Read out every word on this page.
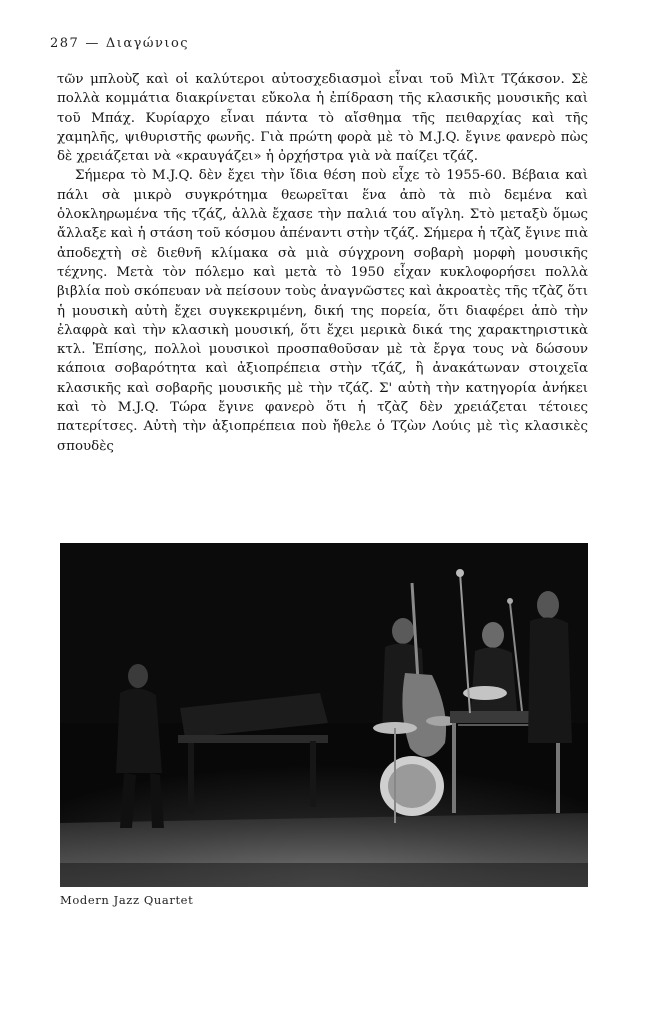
287 — Διαγώνιος

τῶν μπλοὺζ καὶ οἱ καλύτεροι αὐτοσχεδιασμοὶ εἶναι τοῦ Μὶλτ Τζάκσον. Σὲ πολλὰ κομμάτια διακρίνεται εὔκολα ἡ ἐπίδραση τῆς κλασικῆς μουσικῆς καὶ τοῦ Μπάχ. Κυρίαρχο εἶναι πάντα τὸ αἴσθημα τῆς πειθαρχίας καὶ τῆς χαμηλῆς, ψιθυριστῆς φωνῆς. Γιὰ πρώτη φορὰ μὲ τὸ M.J.Q. ἔγινε φανερὸ πὼς δὲ χρειάζεται νὰ «κραυγάζει» ἡ ὀρχήστρα γιὰ νὰ παίζει τζάζ.

Σήμερα τὸ M.J.Q. δὲν ἔχει τὴν ἴδια θέση ποὺ εἶχε τὸ 1955-60. Βέβαια καὶ πάλι σὰ μικρὸ συγκρότημα θεωρεῖται ἕνα ἀπὸ τὰ πιὸ δεμένα καὶ ὁλοκληρωμένα τῆς τζάζ, ἀλλὰ ἔχασε τὴν παλιά του αἴγλη. Στὸ μεταξὺ ὅμως ἄλλαξε καὶ ἡ στάση τοῦ κόσμου ἀπέναντι στὴν τζάζ. Σήμερα ἡ τζὰζ ἔγινε πιὰ ἀποδεχτὴ σὲ διεθνῆ κλίμακα σὰ μιὰ σύγχρονη σοβαρὴ μορφὴ μουσικῆς τέχνης. Μετὰ τὸν πόλεμο καὶ μετὰ τὸ 1950 εἶχαν κυκλοφορήσει πολλὰ βιβλία ποὺ σκόπευαν νὰ πείσουν τοὺς ἀναγνῶστες καὶ ἀκροατὲς τῆς τζὰζ ὅτι ἡ μουσικὴ αὐτὴ ἔχει συγκεκριμένη, δική της πορεία, ὅτι διαφέρει ἀπὸ τὴν ἐλαφρὰ καὶ τὴν κλασικὴ μουσική, ὅτι ἔχει μερικὰ δικά της χαρακτηριστικὰ κτλ. Ἐπίσης, πολλοὶ μουσικοὶ προσπαθοῦσαν μὲ τὰ ἔργα τους νὰ δώσουν κάποια σοβαρότητα καὶ ἀξιοπρέπεια στὴν τζάζ, ἢ ἀνακάτωναν στοιχεῖα κλασικῆς καὶ σοβαρῆς μουσικῆς μὲ τὴν τζάζ. Σ' αὐτὴ τὴν κατηγορία ἀνήκει καὶ τὸ M.J.Q. Τώρα ἔγινε φανερὸ ὅτι ἡ τζὰζ δὲν χρειάζεται τέτοιες πατερίτσες. Αὐτὴ τὴν ἀξιοπρέπεια ποὺ ἤθελε ὁ Τζὼν Λούις μὲ τὶς κλασικὲς σπουδὲς

Modern Jazz Quartet
